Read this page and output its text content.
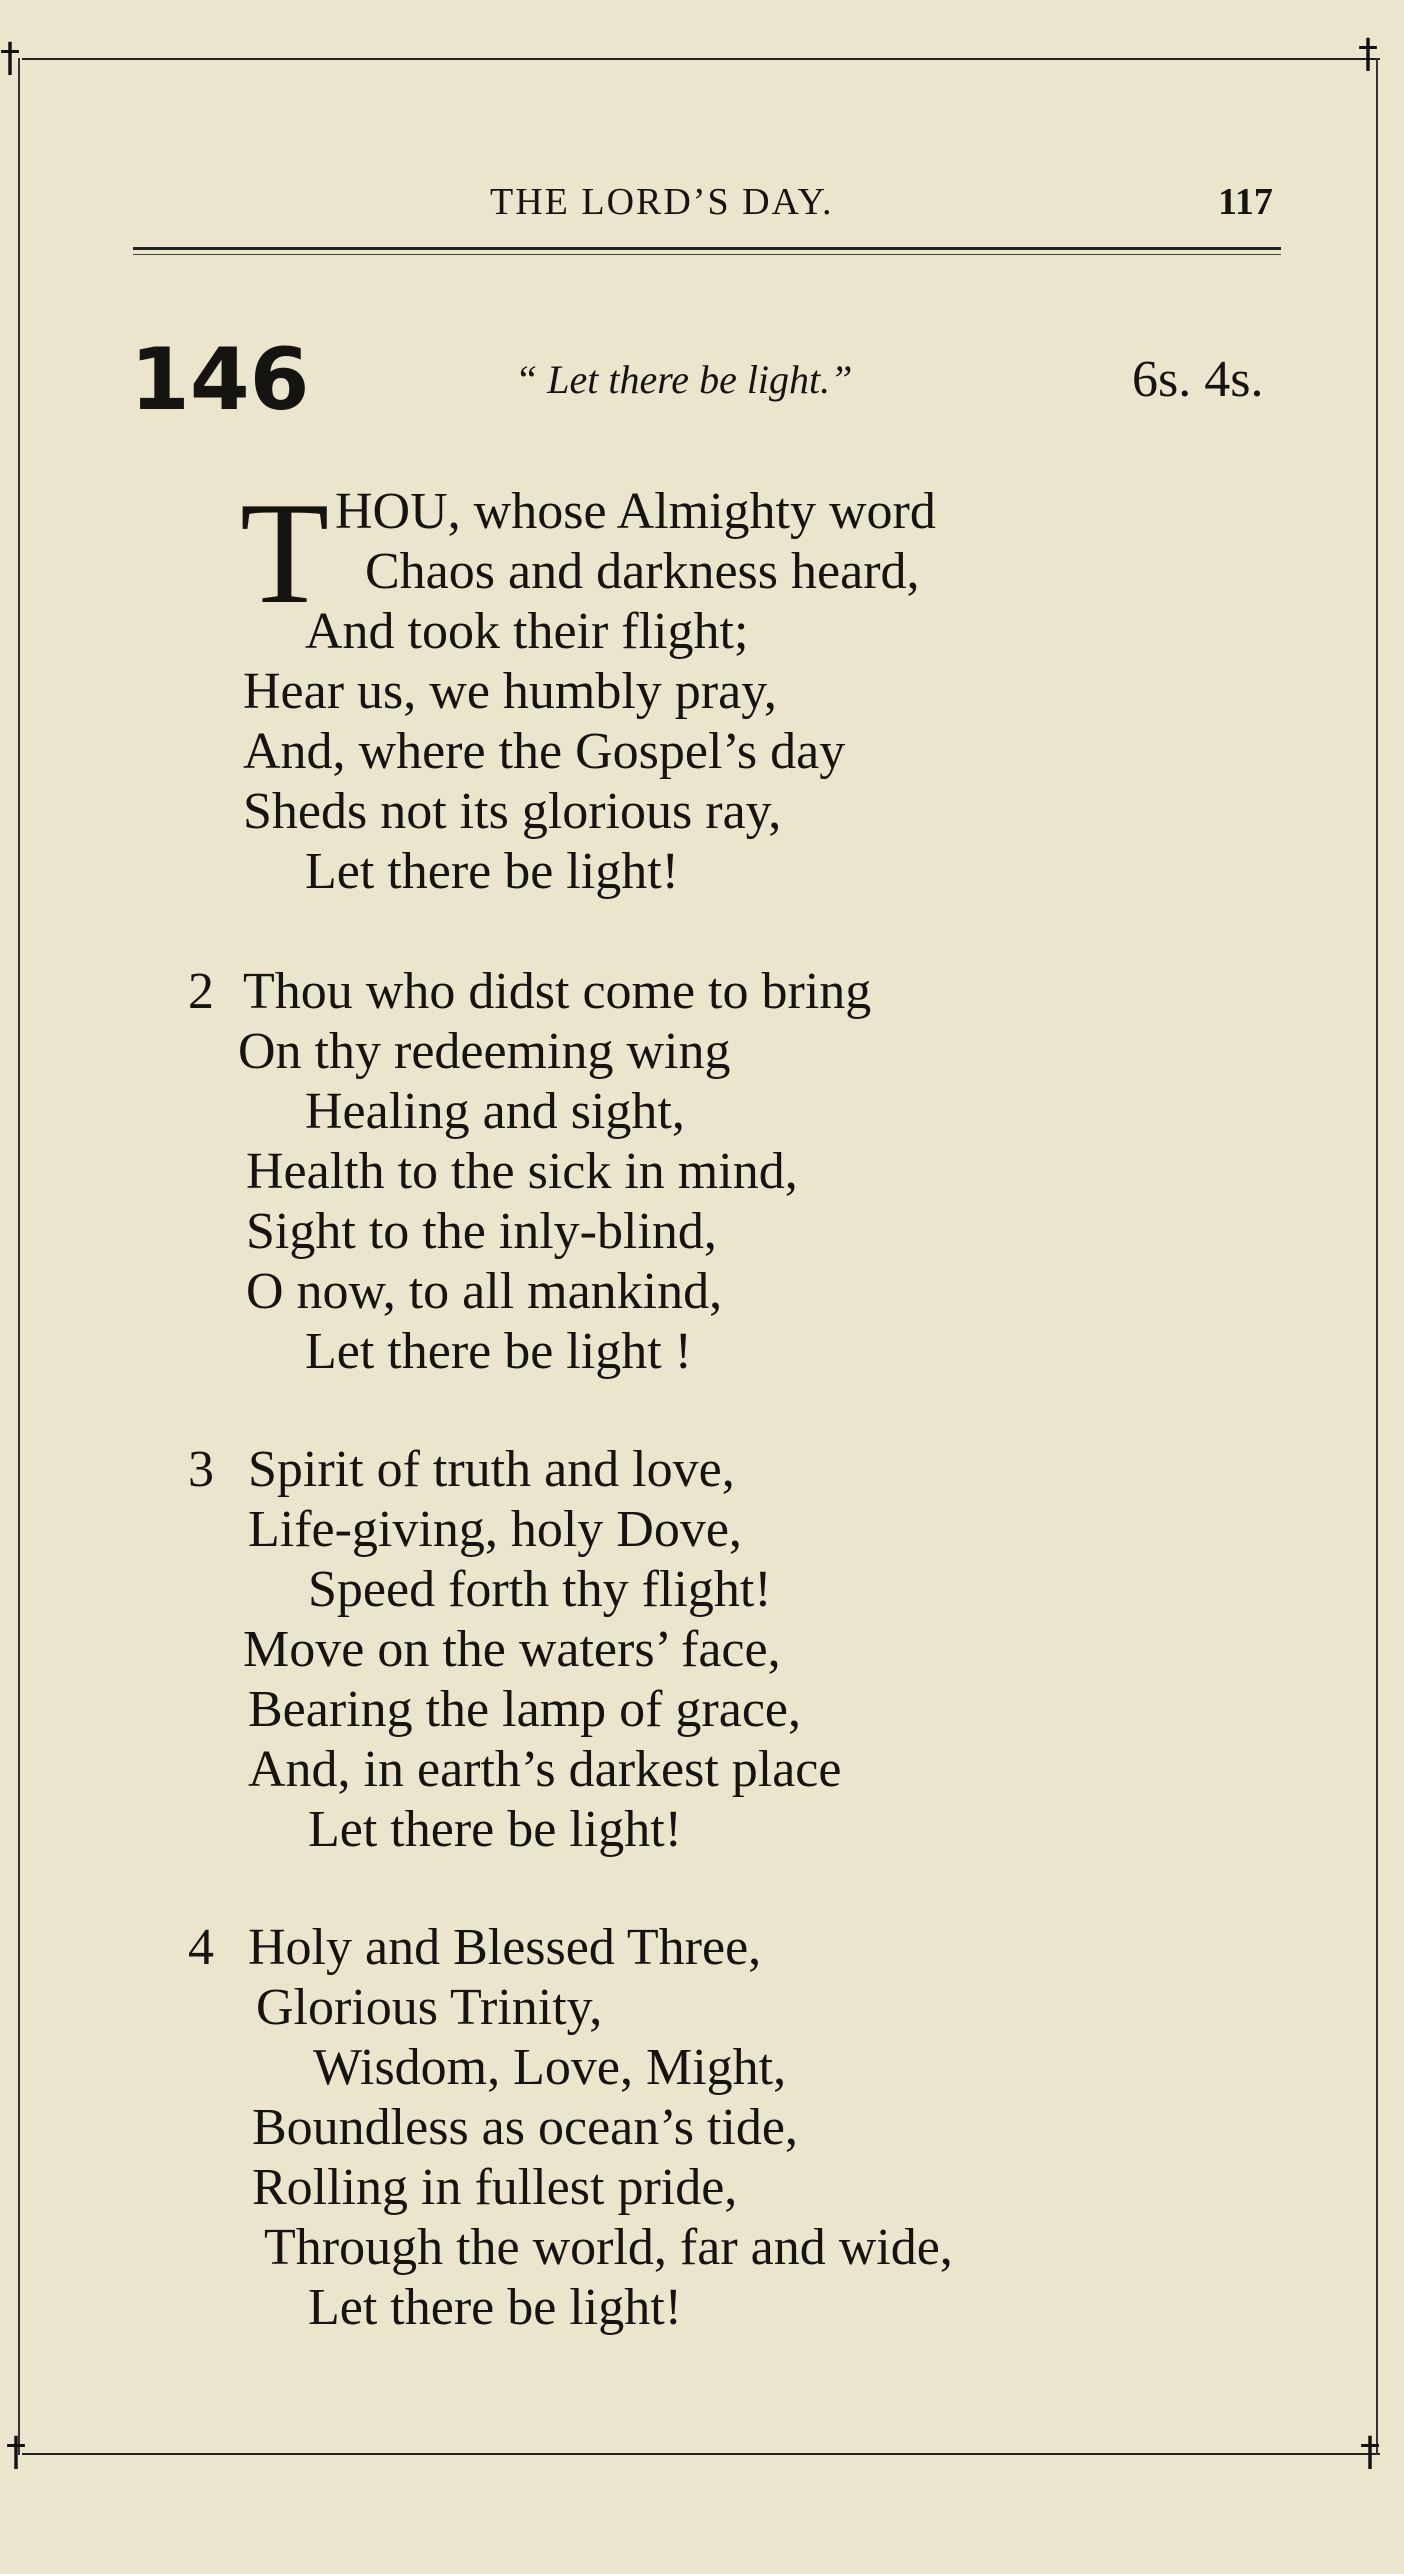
†	†
†	†
THE LORD’S DAY.	117
146	“ Let there be light.”	6s. 4s.
T HOU, whose Almighty word
Chaos and darkness heard,
And took their flight;
Hear us, we humbly pray,
And, where the Gospel’s day
Sheds not its glorious ray,
Let there be light!
2 Thou who didst come to bring
On thy redeeming wing
Healing and sight,
Health to the sick in mind,
Sight to the inly-blind,
O now, to all mankind,
Let there be light !
3 Spirit of truth and love,
Life-giving, holy Dove,
Speed forth thy flight!
Move on the waters’ face,
Bearing the lamp of grace,
And, in earth’s darkest place
Let there be light!
4 Holy and Blessed Three,
Glorious Trinity,
Wisdom, Love, Might,
Boundless as ocean’s tide,
Rolling in fullest pride,
Through the world, far and wide,
Let there be light!
